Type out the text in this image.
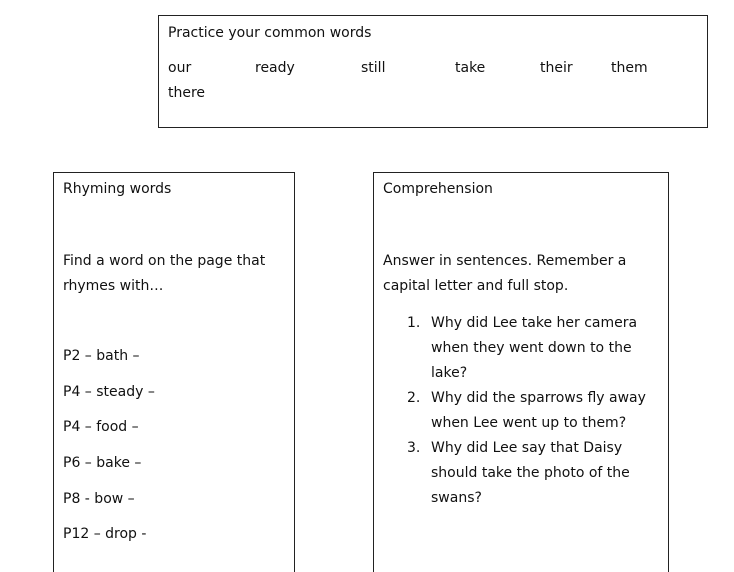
Practice your common words
our	ready	still	take	their	them
there
Rhyming words
Find a word on the page that rhymes with…
P2 – bath –
P4 – steady –
P4 – food –
P6 – bake –
P8 - bow –
P12 – drop -
Comprehension
Answer in sentences. Remember a capital letter and full stop.
1. Why did Lee take her camera when they went down to the lake?
2. Why did the sparrows fly away when Lee went up to them?
3. Why did Lee say that Daisy should take the photo of the swans?
